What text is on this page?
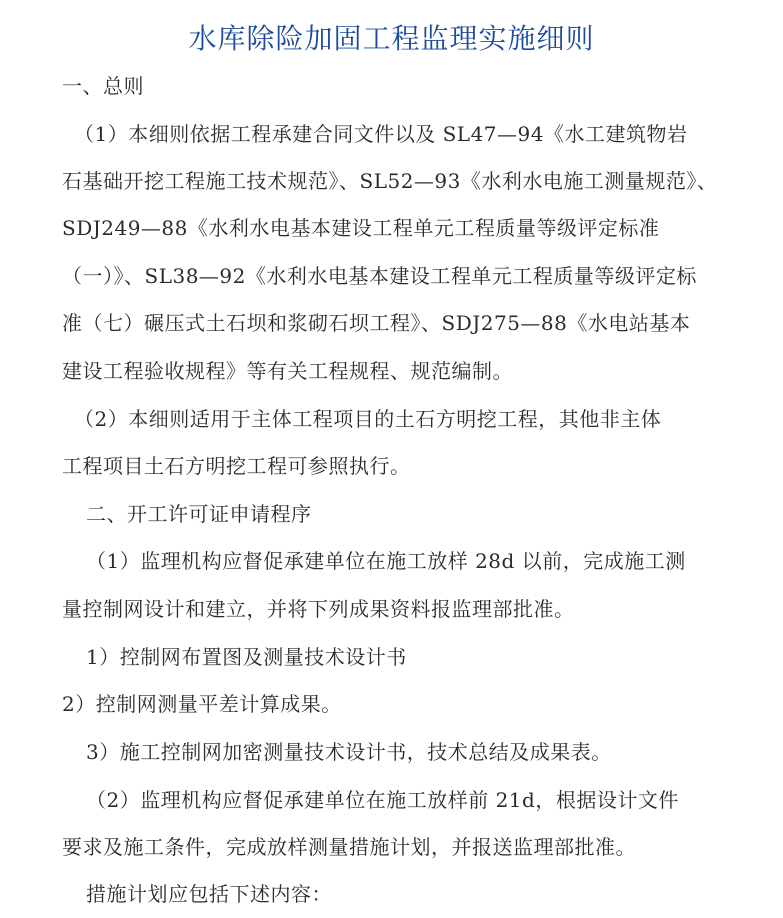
水库除险加固工程监理实施细则
一、总则
（1）本细则依据工程承建合同文件以及 SL47—94《水工建筑物岩
石基础开挖工程施工技术规范》、SL52—93《水利水电施工测量规范》、
SDJ249—88《水利水电基本建设工程单元工程质量等级评定标准
（一）》、SL38—92《水利水电基本建设工程单元工程质量等级评定标
准（七）碾压式土石坝和浆砌石坝工程》、SDJ275—88《水电站基本
建设工程验收规程》等有关工程规程、规范编制。
（2）本细则适用于主体工程项目的土石方明挖工程，其他非主体
工程项目土石方明挖工程可参照执行。
二、开工许可证申请程序
（1）监理机构应督促承建单位在施工放样 28d 以前，完成施工测
量控制网设计和建立，并将下列成果资料报监理部批准。
1）控制网布置图及测量技术设计书
2）控制网测量平差计算成果。
3）施工控制网加密测量技术设计书，技术总结及成果表。
（2）监理机构应督促承建单位在施工放样前 21d，根据设计文件
要求及施工条件，完成放样测量措施计划，并报送监理部批准。
措施计划应包括下述内容：
